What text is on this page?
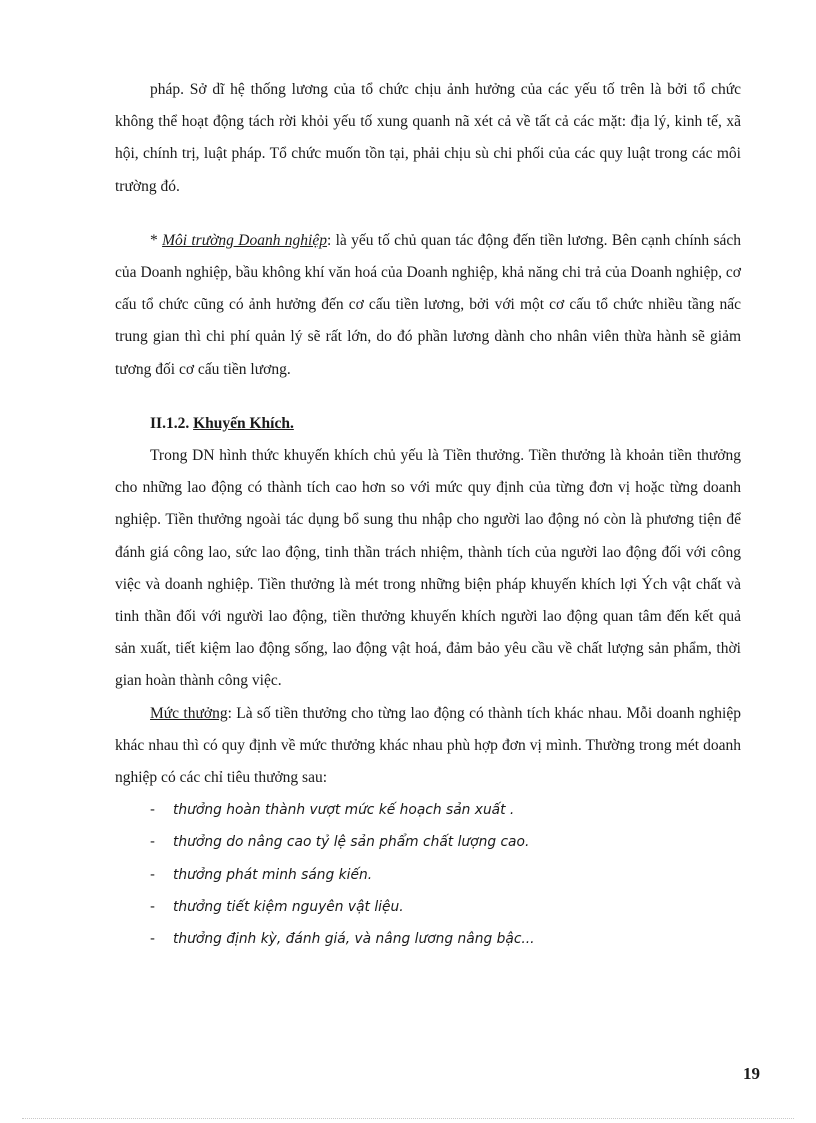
pháp. Sở dĩ hệ thống lương của tổ chức chịu ảnh hưởng của các yếu tố trên là bởi tổ chức không thể hoạt động tách rời khỏi yếu tố xung quanh nã xét cả về tất cả các mặt: địa lý, kinh tế, xã hội, chính trị, luật pháp. Tổ chức muốn tồn tại, phải chịu sù chi phối của các quy luật trong các môi trường đó.

* Môi trường Doanh nghiệp: là yếu tố chủ quan tác động đến tiền lương. Bên cạnh chính sách của Doanh nghiệp, bầu không khí văn hoá của Doanh nghiệp, khả năng chi trả của Doanh nghiệp, cơ cấu tổ chức cũng có ảnh hưởng đến cơ cấu tiền lương, bởi với một cơ cấu tổ chức nhiều tầng nấc trung gian thì chi phí quản lý sẽ rất lớn, do đó phần lương dành cho nhân viên thừa hành sẽ giảm tương đối cơ cấu tiền lương.

II.1.2. Khuyến Khích.

Trong DN hình thức khuyến khích chủ yếu là Tiền thưởng. Tiền thưởng là khoản tiền thưởng cho những lao động có thành tích cao hơn so với mức quy định của từng đơn vị hoặc từng doanh nghiệp. Tiền thưởng ngoài tác dụng bổ sung thu nhập cho người lao động nó còn là phương tiện để đánh giá công lao, sức lao động, tinh thần trách nhiệm, thành tích của người lao động đối với công việc và doanh nghiệp. Tiền thưởng là mét trong những biện pháp khuyến khích lợi Ých vật chất và tinh thần đối với người lao động, tiền thưởng khuyến khích người lao động quan tâm đến kết quả sản xuất, tiết kiệm lao động sống, lao động vật hoá, đảm bảo yêu cầu về chất lượng sản phẩm, thời gian hoàn thành công việc.

Mức thưởng: Là số tiền thưởng cho từng lao động có thành tích khác nhau. Mỗi doanh nghiệp khác nhau thì có quy định về mức thưởng khác nhau phù hợp đơn vị mình. Thường trong mét doanh nghiệp có các chỉ tiêu thưởng sau:

- thưởng hoàn thành vượt mức kế hoạch sản xuất .
- thưởng do nâng cao tỷ lệ sản phẩm chất lượng cao.
- thưởng phát minh sáng kiến.
- thưởng tiết kiệm nguyên vật liệu.
- thưởng định kỳ, đánh giá, và nâng lương nâng bậc...
19
